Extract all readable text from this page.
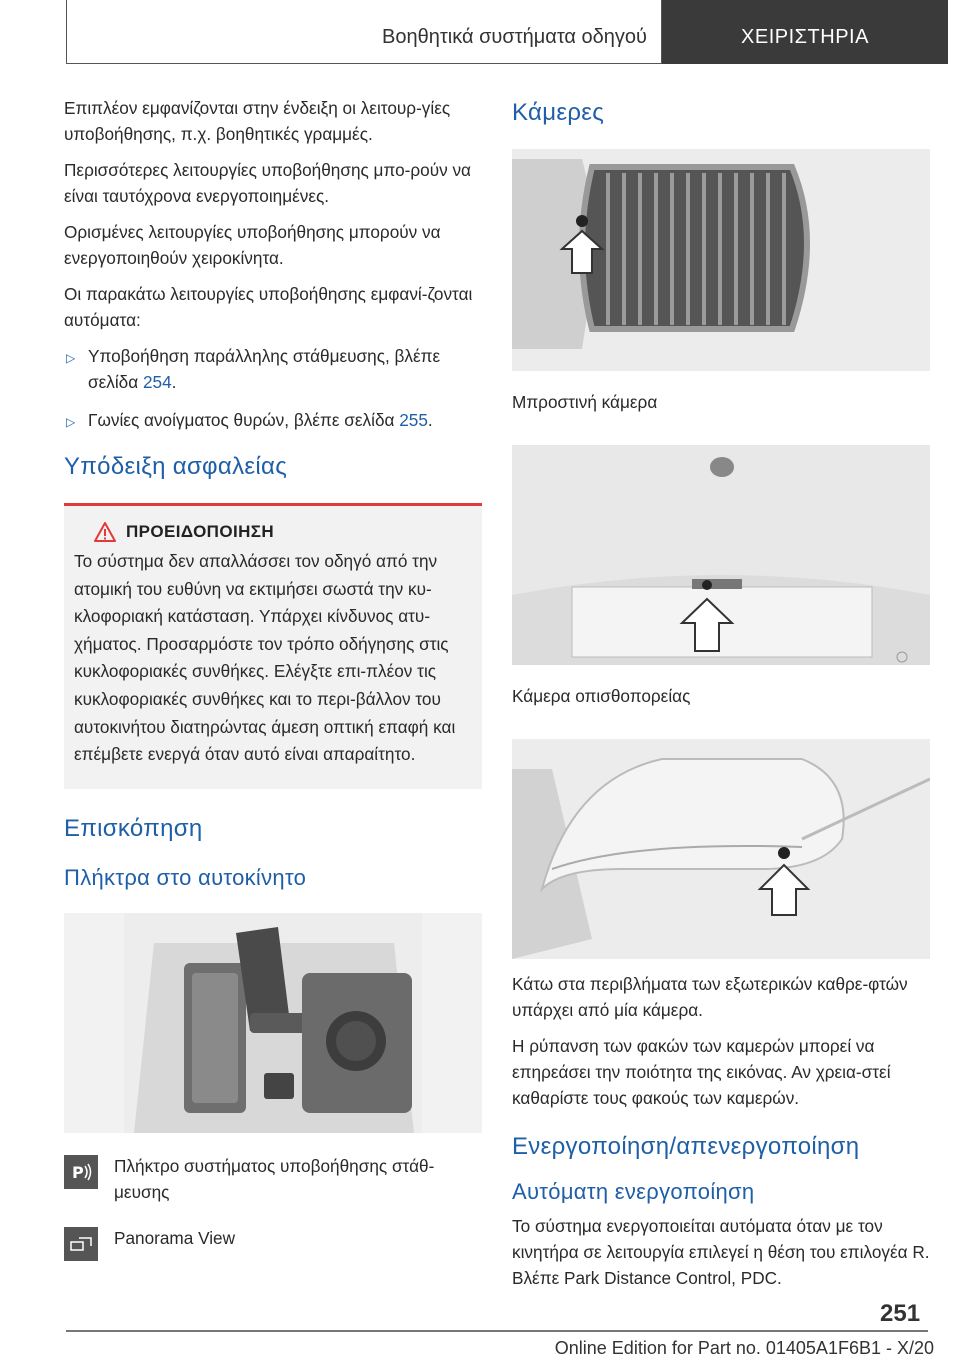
Βοηθητικά συστήματα οδηγού	ΧΕΙΡΙΣΤΗΡΙΑ

Επιπλέον εμφανίζονται στην ένδειξη οι λειτουρ-γίες υποβοήθησης, π.χ. βοηθητικές γραμμές.

Περισσότερες λειτουργίες υποβοήθησης μπο-ρούν να είναι ταυτόχρονα ενεργοποιημένες.

Ορισμένες λειτουργίες υποβοήθησης μπορούν να ενεργοποιηθούν χειροκίνητα.

Οι παρακάτω λειτουργίες υποβοήθησης εμφανί-ζονται αυτόματα:

▷ Υποβοήθηση παράλληλης στάθμευσης, βλέπε σελίδα 254.
▷ Γωνίες ανοίγματος θυρών, βλέπε σελίδα 255.
Υπόδειξη ασφαλείας
ΠΡΟΕΙΔΟΠΟΙΗΣΗ

Το σύστημα δεν απαλλάσσει τον οδηγό από την ατομική του ευθύνη να εκτιμήσει σωστά την κυ-κλοφοριακή κατάσταση. Υπάρχει κίνδυνος ατυ-χήματος. Προσαρμόστε τον τρόπο οδήγησης στις κυκλοφοριακές συνθήκες. Ελέγξτε επι-πλέον τις κυκλοφοριακές συνθήκες και το περι-βάλλον του αυτοκινήτου διατηρώντας άμεση οπτική επαφή και επέμβετε ενεργά όταν αυτό είναι απαραίτητο.

Επισκόπηση
Πλήκτρα στο αυτοκίνητο
P Πλήκτρο συστήματος υποβοήθησης στάθ-μευσης

Panorama View

Κάμερες

Μπροστινή κάμερα

Κάμερα οπισθοπορείας

Κάτω στα περιβλήματα των εξωτερικών καθρε-φτών υπάρχει από μία κάμερα.

Η ρύπανση των φακών των καμερών μπορεί να επηρεάσει την ποιότητα της εικόνας. Αν χρεια-στεί καθαρίστε τους φακούς των καμερών.

Ενεργοποίηση/απενεργοποίηση
Αυτόματη ενεργοποίηση

Το σύστημα ενεργοποιείται αυτόματα όταν με τον κινητήρα σε λειτουργία επιλεγεί η θέση του επιλογέα R. Βλέπε Park Distance Control, PDC.

251
Online Edition for Part no. 01405A1F6B1 - X/20
